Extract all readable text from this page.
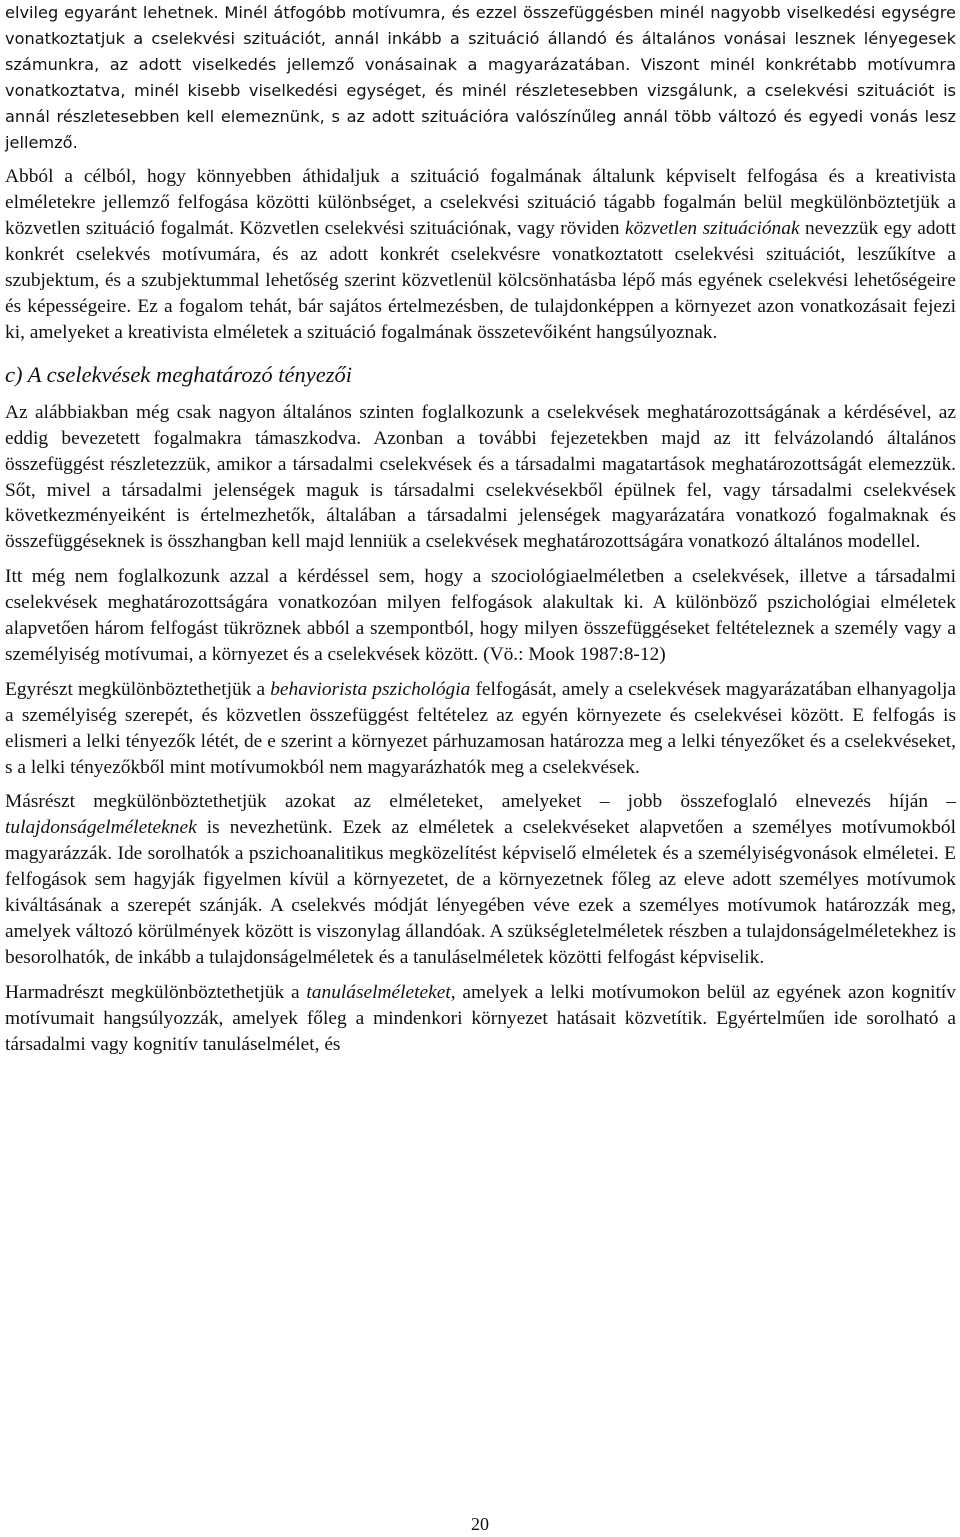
elvileg egyaránt lehetnek. Minél átfogóbb motívumra, és ezzel összefüggésben minél nagyobb viselkedési egységre vonatkoztatjuk a cselekvési szituációt, annál inkább a szituáció állandó és általános vonásai lesznek lényegesek számunkra, az adott viselkedés jellemző vonásainak a magyarázatában. Viszont minél konkrétabb motívumra vonatkoztatva, minél kisebb viselkedési egységet, és minél részletesebben vizsgálunk, a cselekvési szituációt is annál részletesebben kell elemeznünk, s az adott szituációra valószínűleg annál több változó és egyedi vonás lesz jellemző.

Abból a célból, hogy könnyebben áthidaljuk a szituáció fogalmának általunk képviselt felfogása és a kreativista elméletekre jellemző felfogása közötti különbséget, a cselekvési szituáció tágabb fogalmán belül megkülönböztetjük a közvetlen szituáció fogalmát. Közvetlen cselekvési szituációnak, vagy röviden közvetlen szituációnak nevezzük egy adott konkrét cselekvés motívumára, és az adott konkrét cselekvésre vonatkoztatott cselekvési szituációt, leszűkítve a szubjektum, és a szubjektummal lehetőség szerint közvetlenül kölcsönhatásba lépő más egyének cselekvési lehetőségeire és képességeire. Ez a fogalom tehát, bár sajátos értelmezésben, de tulajdonképpen a környezet azon vonatkozásait fejezi ki, amelyeket a kreativista elméletek a szituáció fogalmának összetevőiként hangsúlyoznak.

c) A cselekvések meghatározó tényezői

Az alábbiakban még csak nagyon általános szinten foglalkozunk a cselekvések meghatározottságának a kérdésével, az eddig bevezetett fogalmakra támaszkodva. Azonban a további fejezetekben majd az itt felvázolandó általános összefüggést részletezzük, amikor a társadalmi cselekvések és a társadalmi magatartások meghatározottságát elemezzük. Sőt, mivel a társadalmi jelenségek maguk is társadalmi cselekvésekből épülnek fel, vagy társadalmi cselekvések következményeiként is értelmezhetők, általában a társadalmi jelenségek magyarázatára vonatkozó fogalmaknak és összefüggéseknek is összhangban kell majd lenniük a cselekvések meghatározottságára vonatkozó általános modellel.

Itt még nem foglalkozunk azzal a kérdéssel sem, hogy a szociológiaelméletben a cselekvések, illetve a társadalmi cselekvések meghatározottságára vonatkozóan milyen felfogások alakultak ki. A különböző pszichológiai elméletek alapvetően három felfogást tükröznek abból a szempontból, hogy milyen összefüggéseket feltételeznek a személy vagy a személyiség motívumai, a környezet és a cselekvések között. (Vö.: Mook 1987:8-12)

Egyrészt megkülönböztethetjük a behaviorista pszichológia felfogását, amely a cselekvések magyarázatában elhanyagolja a személyiség szerepét, és közvetlen összefüggést feltételez az egyén környezete és cselekvései között. E felfogás is elismeri a lelki tényezők létét, de e szerint a környezet párhuzamosan határozza meg a lelki tényezőket és a cselekvéseket, s a lelki tényezőkből mint motívumokból nem magyarázhatók meg a cselekvések.

Másrészt megkülönböztethetjük azokat az elméleteket, amelyeket – jobb összefoglaló elnevezés híján – tulajdonságelméleteknek is nevezhetünk. Ezek az elméletek a cselekvéseket alapvetően a személyes motívumokból magyarázzák. Ide sorolhatók a pszichoanalitikus megközelítést képviselő elméletek és a személyiségvonások elméletei. E felfogások sem hagyják figyelmen kívül a környezetet, de a környezetnek főleg az eleve adott személyes motívumok kiváltásának a szerepét szánják. A cselekvés módját lényegében véve ezek a személyes motívumok határozzák meg, amelyek változó körülmények között is viszonylag állandóak. A szükségletelméletek részben a tulajdonságelméletekhez is besorolhatók, de inkább a tulajdonságelméletek és a tanuláselméletek közötti felfogást képviselik.

Harmadrészt megkülönböztethetjük a tanuláselméleteket, amelyek a lelki motívumokon belül az egyének azon kognitív motívumait hangsúlyozzák, amelyek főleg a mindenkori környezet hatásait közvetítik. Egyértelműen ide sorolható a társadalmi vagy kognitív tanuláselmélet, és

20
